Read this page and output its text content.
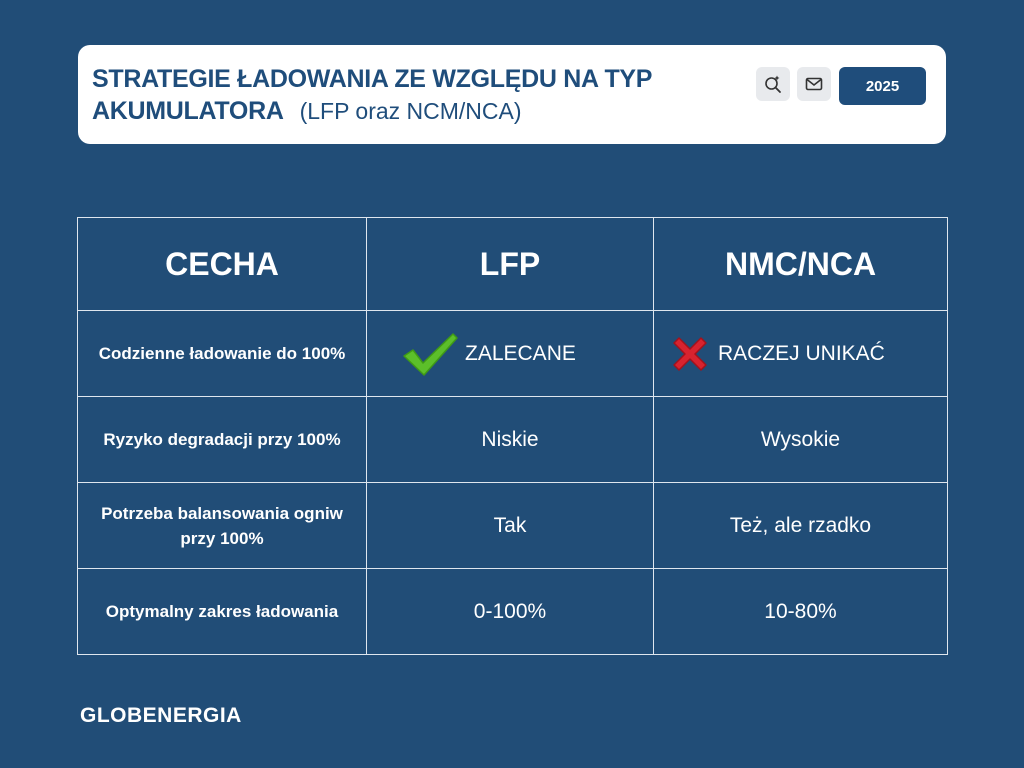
STRATEGIE ŁADOWANIA ZE WZGLĘDU NA TYP
AKUMULATORA (LFP oraz NCM/NCA)
2025
CECHA	LFP	NMC/NCA
Codzienne ładowanie do 100%	ZALECANE	RACZEJ UNIKAĆ

Ryzyko degradacji przy 100%	Niskie	Wysokie
Potrzeba balansowania ogniw przy 100%	Tak	Też, ale rzadko
Optymalny zakres ładowania	0-100%	10-80%
GLOBENERGIA
